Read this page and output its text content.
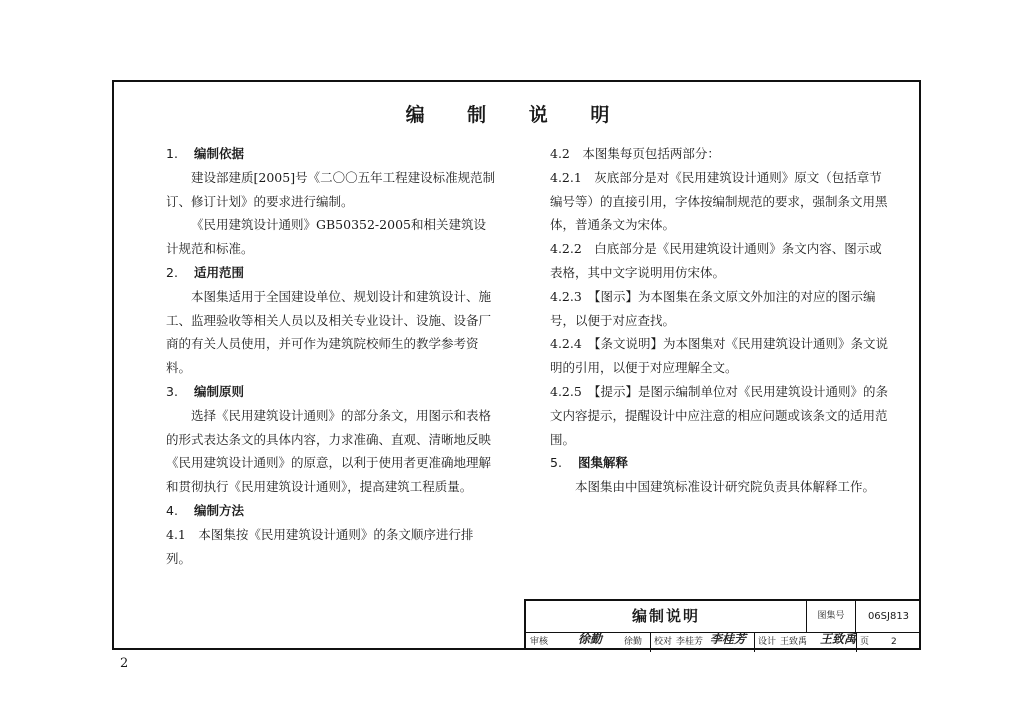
编 制 说 明

1. 编制依据

建设部建质[2005]号《二〇〇五年工程建设标准规范制订、修订计划》的要求进行编制。

《民用建筑设计通则》GB50352-2005和相关建筑设计规范和标准。

2. 适用范围

本图集适用于全国建设单位、规划设计和建筑设计、施工、监理验收等相关人员以及相关专业设计、设施、设备厂商的有关人员使用，并可作为建筑院校师生的教学参考资料。

3. 编制原则

选择《民用建筑设计通则》的部分条文，用图示和表格的形式表达条文的具体内容，力求准确、直观、清晰地反映《民用建筑设计通则》的原意，以利于使用者更准确地理解和贯彻执行《民用建筑设计通则》，提高建筑工程质量。

4. 编制方法

4.1　本图集按《民用建筑设计通则》的条文顺序进行排列。

4.2　本图集每页包括两部分：

4.2.1　灰底部分是对《民用建筑设计通则》原文（包括章节编号等）的直接引用，字体按编制规范的要求，强制条文用黑体，普通条文为宋体。

4.2.2　白底部分是《民用建筑设计通则》条文内容、图示或表格，其中文字说明用仿宋体。

4.2.3　【图示】为本图集在条文原文外加注的对应的图示编号，以便于对应查找。

4.2.4　【条文说明】为本图集对《民用建筑设计通则》条文说明的引用，以便于对应理解全文。

4.2.5　【提示】是图示编制单位对《民用建筑设计通则》的条文内容提示，提醒设计中应注意的相应问题或该条文的适用范围。

5. 图集解释

本图集由中国建筑标准设计研究院负责具体解释工作。

编制说明	图集号	06SJ813
审核 徐勤 徐勤 校对 李桂芳 李桂芳 设计 王致禹 王致禹 页 2
2
